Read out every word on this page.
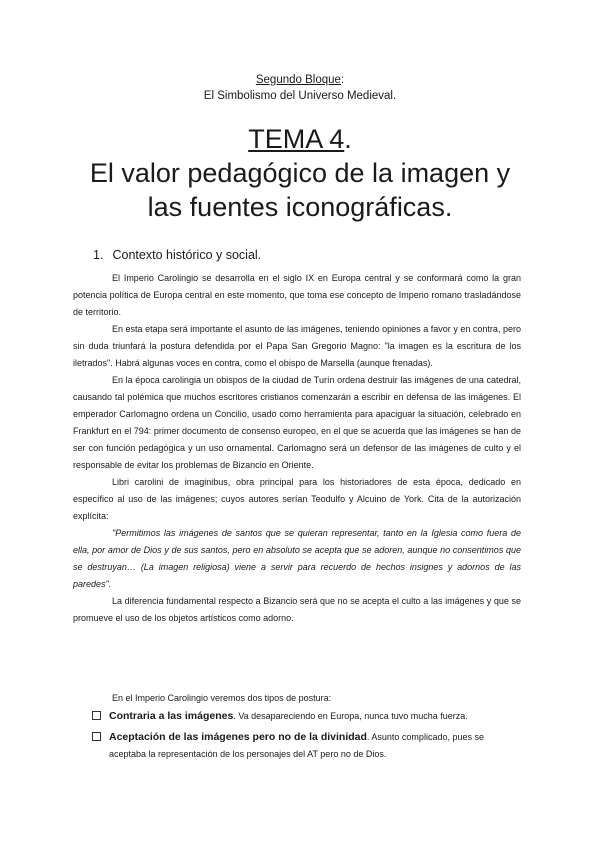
Segundo Bloque:
El Simbolismo del Universo Medieval.
TEMA 4.
El valor pedagógico de la imagen y
las fuentes iconográficas.
1. Contexto histórico y social.

El Imperio Carolingio se desarrolla en el siglo IX en Europa central y se conformará como la gran potencia política de Europa central en este momento, que toma ese concepto de Imperio romano trasladándose de territorio.

En esta etapa será importante el asunto de las imágenes, teniendo opiniones a favor y en contra, pero sin duda triunfará la postura defendida por el Papa San Gregorio Magno: "la imagen es la escritura de los iletrados". Habrá algunas voces en contra, como el obispo de Marsella (aunque frenadas).

En la época carolingia un obispos de la ciudad de Turín ordena destruir las imágenes de una catedral, causando tal polémica que muchos escritores cristianos comenzarán a escribir en defensa de las imágenes. El emperador Carlomagno ordena un Concilio, usado como herramienta para apaciguar la situación, celebrado en Frankfurt en el 794: primer documento de consenso europeo, en el que se acuerda que las imágenes se han de ser con función pedagógica y un uso ornamental. Carlomagno será un defensor de las imágenes de culto y el responsable de evitar los problemas de Bizancio en Oriente.

Libri carolini de imaginibus, obra principal para los historiadores de esta época, dedicado en específico al uso de las imágenes; cuyos autores serían Teodulfo y Alcuino de York. Cita de la autorización explícita:

"Permitimos las imágenes de santos que se quieran representar, tanto en la Iglesia como fuera de ella, por amor de Dios y de sus santos, pero en absoluto se acepta que se adoren, aunque no consentimos que se destruyan… (La imagen religiosa) viene a servir para recuerdo de hechos insignes y adornos de las paredes".

La diferencia fundamental respecto a Bizancio será que no se acepta el culto a las imágenes y que se promueve el uso de los objetos artísticos como adorno.

En el Imperio Carolingio veremos dos tipos de postura:
Contraria a las imágenes. Va desapareciendo en Europa, nunca tuvo mucha fuerza.
Aceptación de las imágenes pero no de la divinidad. Asunto complicado, pues se aceptaba la representación de los personajes del AT pero no de Dios.
